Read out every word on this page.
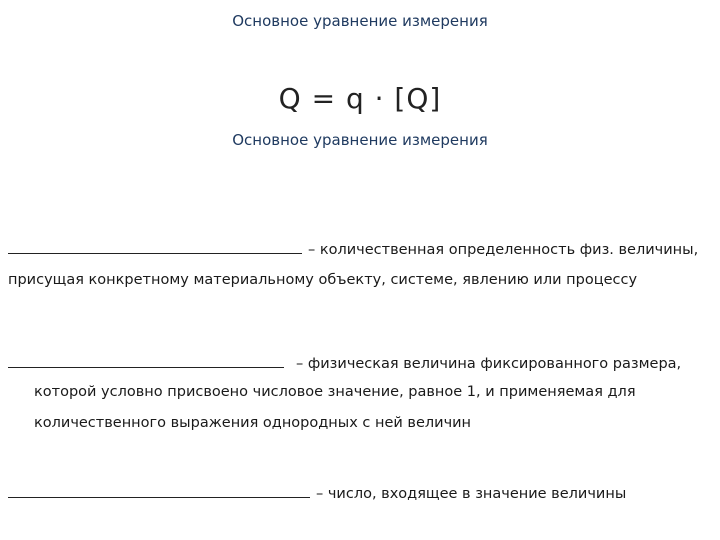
Основное уравнение измерения
Q = q · [Q]
Основное уравнение измерения
– количественная определенность физ. величины,
присущая конкретному материальному объекту, системе, явлению или процессу
– физическая величина фиксированного размера,
которой условно присвоено числовое значение, равное 1, и применяемая для
количественного выражения однородных с ней величин
– число, входящее в значение величины
